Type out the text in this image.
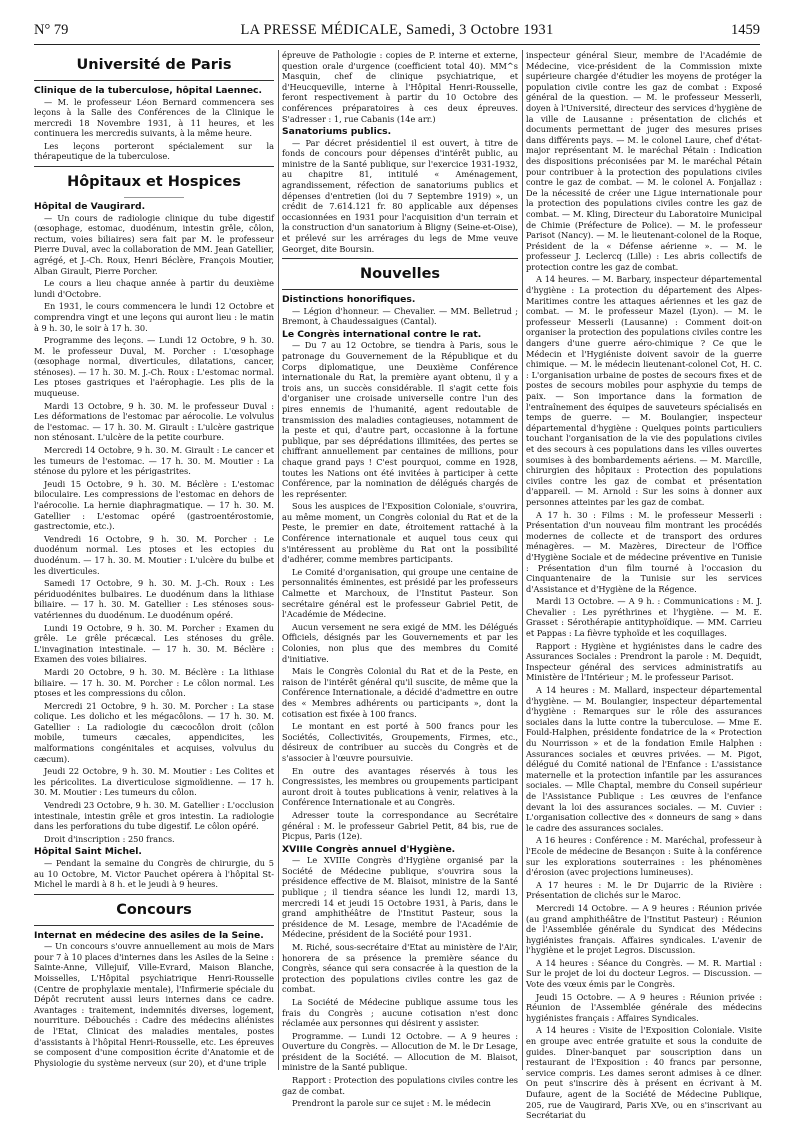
N° 79	LA PRESSE MÉDICALE, Samedi, 3 Octobre 1931	1459
Université de Paris
Clinique de la tuberculose, hôpital Laennec.

— M. le professeur Léon Bernard commencera ses leçons à la Salle des Conférences de la Clinique le mercredi 18 Novembre 1931, à 11 heures, et les continuera les mercredis suivants, à la même heure.

Les leçons porteront spécialement sur la thérapeutique de la tuberculose.

Hôpitaux et Hospices
Hôpital de Vaugirard.

— Un cours de radiologie clinique du tube digestif (œsophage, estomac, duodénum, intestin grêle, côlon, rectum, voies biliaires) sera fait par M. le professeur Pierre Duval, avec la collaboration de MM. Jean Gatellier, agrégé, et J.-Ch. Roux, Henri Béclère, François Moutier, Alban Girault, Pierre Porcher.

Le cours a lieu chaque année à partir du deuxième lundi d'Octobre.

En 1931, le cours commencera le lundi 12 Octobre et comprendra vingt et une leçons qui auront lieu : le matin à 9 h. 30, le soir à 17 h. 30.

Programme des leçons. — Lundi 12 Octobre, 9 h. 30. M. le professeur Duval, M. Porcher : L'œsophage (œsophage normal, diverticules, dilatations, cancer, sténoses). — 17 h. 30. M. J.-Ch. Roux : L'estomac normal. Les ptoses gastriques et l'aérophagie. Les plis de la muqueuse.

Mardi 13 Octobre, 9 h. 30. M. le professeur Duval : Les déformations de l'estomac par aérocolie. Le volvulus de l'estomac. — 17 h. 30. M. Girault : L'ulcère gastrique non sténosant. L'ulcère de la petite courbure.

Mercredi 14 Octobre, 9 h. 30. M. Girault : Le cancer et les tumeurs de l'estomac. — 17 h. 30. M. Moutier : La sténose du pylore et les périgastrites.

Jeudi 15 Octobre, 9 h. 30. M. Béclère : L'estomac biloculaire. Les compressions de l'estomac en dehors de l'aérocolie. La hernie diaphragmatique. — 17 h. 30. M. Gatellier : L'estomac opéré (gastroentérostomie, gastrectomie, etc.).

Vendredi 16 Octobre, 9 h. 30. M. Porcher : Le duodénum normal. Les ptoses et les ectopies du duodénum. — 17 h. 30. M. Moutier : L'ulcère du bulbe et les diverticules.

Samedi 17 Octobre, 9 h. 30. M. J.-Ch. Roux : Les périduodénites bulbaires. Le duodénum dans la lithiase biliaire. — 17 h. 30. M. Gatellier : Les sténoses sous-vatériennes du duodénum. Le duodénum opéré.

Lundi 19 Octobre, 9 h. 30. M. Porcher : Examen du grêle. Le grêle précæcal. Les sténoses du grêle. L'invagination intestinale. — 17 h. 30. M. Béclère : Examen des voies biliaires.

Mardi 20 Octobre, 9 h. 30. M. Béclère : La lithiase biliaire. — 17 h. 30. M. Porcher : Le côlon normal. Les ptoses et les compressions du côlon.

Mercredi 21 Octobre, 9 h. 30. M. Porcher : La stase colique. Les dolicho et les mégacôlons. — 17 h. 30. M. Gatellier : La radiologie du cæcocôlon droit (côlon mobile, tumeurs cæcales, appendicites, les malformations congénitales et acquises, volvulus du cæcum).

Jeudi 22 Octobre, 9 h. 30. M. Moutier : Les Colites et les péricolites. La diverticulose sigmoïdienne. — 17 h. 30. M. Moutier : Les tumeurs du côlon.

Vendredi 23 Octobre, 9 h. 30. M. Gatellier : L'occlusion intestinale, intestin grêle et gros intestin. La radiologie dans les perforations du tube digestif. Le côlon opéré.

Droit d'inscription : 250 francs.

Hôpital Saint Michel.

— Pendant la semaine du Congrès de chirurgie, du 5 au 10 Octobre, M. Victor Pauchet opérera à l'hôpital St-Michel le mardi à 8 h. et le jeudi à 9 heures.

Concours
Internat en médecine des asiles de la Seine.

— Un concours s'ouvre annuellement au mois de Mars pour 7 à 10 places d'internes dans les Asiles de la Seine : Sainte-Anne, Villejuif, Ville-Evrard, Maison Blanche, Moisselles, L'Hôpital psychiatrique Henri-Rousselle (Centre de prophylaxie mentale), l'Infirmerie spéciale du Dépôt recrutent aussi leurs internes dans ce cadre. Avantages : traitement, indemnités diverses, logement, nourriture. Débouchés : Cadre des médecins aliénistes de l'Etat, Clinicat des maladies mentales, postes d'assistants à l'hôpital Henri-Rousselle, etc. Les épreuves se composent d'une composition écrite d'Anatomie et de Physiologie du système nerveux (sur 20), et d'une triple

épreuve de Pathologie : copies de P. interne et externe, question orale d'urgence (coefficient total 40). MM^s Masquin, chef de clinique psychiatrique, et d'Heucqueville, interne à l'Hôpital Henri-Rousselle, feront respectivement à partir du 10 Octobre des conférences préparatoires à ces deux épreuves. S'adresser : 1, rue Cabanis (14e arr.)

Sanatoriums publics.

— Par décret présidentiel il est ouvert, à titre de fonds de concours pour dépenses d'intérêt public, au ministre de la Santé publique, sur l'exercice 1931-1932, au chapitre 81, intitulé « Aménagement, agrandissement, réfection de sanatoriums publics et dépenses d'entretien (loi du 7 Septembre 1919) », un crédit de 7.614.121 fr. 80 applicable aux dépenses occasionnées en 1931 pour l'acquisition d'un terrain et la construction d'un sanatorium à Bligny (Seine-et-Oise), et prélevé sur les arrérages du legs de Mme veuve Georget, dite Boursin.

Nouvelles
Distinctions honorifiques.

— Légion d'honneur. — Chevalier. — MM. Belletrud ; Bremont, à Chaudessaigues (Cantal).

Le Congrès international contre le rat.

— Du 7 au 12 Octobre, se tiendra à Paris, sous le patronage du Gouvernement de la République et du Corps diplomatique, une Deuxième Conférence internationale du Rat, la première ayant obtenu, il y a trois ans, un succès considérable. Il s'agit cette fois d'organiser une croisade universelle contre l'un des pires ennemis de l'humanité, agent redoutable de transmission des maladies contagieuses, notamment de la peste et qui, d'autre part, occasionne à la fortune publique, par ses déprédations illimitées, des pertes se chiffrant annuellement par centaines de millions, pour chaque grand pays ! C'est pourquoi, comme en 1928, toutes les Nations ont été invitées à participer à cette Conférence, par la nomination de délégués chargés de les représenter.

Sous les auspices de l'Exposition Coloniale, s'ouvrira, au même moment, un Congrès colonial du Rat et de la Peste, le premier en date, étroitement rattaché à la Conférence internationale et auquel tous ceux qui s'intéressent au problème du Rat ont la possibilité d'adhérer, comme membres participants.

Le Comité d'organisation, qui groupe une centaine de personnalités éminentes, est présidé par les professeurs Calmette et Marchoux, de l'Institut Pasteur. Son secrétaire général est le professeur Gabriel Petit, de l'Académie de Médecine.

Aucun versement ne sera exigé de MM. les Délégués Officiels, désignés par les Gouvernements et par les Colonies, non plus que des membres du Comité d'initiative.

Mais le Congrès Colonial du Rat et de la Peste, en raison de l'intérêt général qu'il suscite, de même que la Conférence Internationale, a décidé d'admettre en outre des « Membres adhérents ou participants », dont la cotisation est fixée à 100 francs.

Le montant en est porté à 500 francs pour les Sociétés, Collectivités, Groupements, Firmes, etc., désireux de contribuer au succès du Congrès et de s'associer à l'œuvre poursuivie.

En outre des avantages réservés à tous les Congressistes, les membres ou groupements participant auront droit à toutes publications à venir, relatives à la Conférence Internationale et au Congrès.

Adresser toute la correspondance au Secrétaire général : M. le professeur Gabriel Petit, 84 bis, rue de Picpus, Paris (12e).

XVIIIe Congrès annuel d'Hygiène.

— Le XVIIIe Congrès d'Hygiène organisé par la Société de Médecine publique, s'ouvrira sous la présidence effective de M. Blaisot, ministre de la Santé publique ; il tiendra séance les lundi 12, mardi 13, mercredi 14 et jeudi 15 Octobre 1931, à Paris, dans le grand amphithéâtre de l'Institut Pasteur, sous la présidence de M. Lesage, membre de l'Académie de Médecine, président de la Société pour 1931.

M. Riché, sous-secrétaire d'Etat au ministère de l'Air, honorera de sa présence la première séance du Congrès, séance qui sera consacrée à la question de la protection des populations civiles contre les gaz de combat.

La Société de Médecine publique assume tous les frais du Congrès ; aucune cotisation n'est donc réclamée aux personnes qui désirent y assister.

Programme. — Lundi 12 Octobre. — A 9 heures : Ouverture du Congrès. — Allocution de M. le Dr Lesage, président de la Société. — Allocution de M. Blaisot, ministre de la Santé publique.

Rapport : Protection des populations civiles contre les gaz de combat.

Prendront la parole sur ce sujet : M. le médecin

inspecteur général Sieur, membre de l'Académie de Médecine, vice-président de la Commission mixte supérieure chargée d'étudier les moyens de protéger la population civile contre les gaz de combat : Exposé général de la question. — M. le professeur Messerli, doyen à l'Université, directeur des services d'hygiène de la ville de Lausanne : présentation de clichés et documents permettant de juger des mesures prises dans différents pays. — M. le colonel Laure, chef d'état-major représentant M. le maréchal Pétain : Indication des dispositions préconisées par M. le maréchal Pétain pour contribuer à la protection des populations civiles contre le gaz de combat. — M. le colonel A. Fonjallaz : De la nécessité de créer une Ligue internationale pour la protection des populations civiles contre les gaz de combat. — M. Kling, Directeur du Laboratoire Municipal de Chimie (Préfecture de Police). — M. le professeur Parisot (Nancy). — M. le lieutenant-colonel de la Roque, Président de la « Défense aérienne ». — M. le professeur J. Leclercq (Lille) : Les abris collectifs de protection contre les gaz de combat.

A 14 heures. — M. Barbary, inspecteur départemental d'hygiène : La protection du département des Alpes-Maritimes contre les attaques aériennes et les gaz de combat. — M. le professeur Mazel (Lyon). — M. le professeur Messerli (Lausanne) : Comment doit-on organiser la protection des populations civiles contre les dangers d'une guerre aéro-chimique ? Ce que le Médecin et l'Hygiéniste doivent savoir de la guerre chimique. — M. le médecin lieutenant-colonel Cot, H. C. : L'organisation urbaine de postes de secours fixes et de postes de secours mobiles pour asphyxie du temps de paix. — Son importance dans la formation de l'entraînement des équipes de sauveteurs spécialisés en temps de guerre. — M. Boulangier, inspecteur départemental d'hygiène : Quelques points particuliers touchant l'organisation de la vie des populations civiles et des secours à ces populations dans les villes ouvertes soumises à des bombardements aériens. — M. Marcille, chirurgien des hôpitaux : Protection des populations civiles contre les gaz de combat et présentation d'appareil. — M. Arnold : Sur les soins à donner aux personnes atteintes par les gaz de combat.

A 17 h. 30 : Films : M. le professeur Messerli : Présentation d'un nouveau film montrant les procédés modernes de collecte et de transport des ordures ménagères. — M. Mazères, Directeur de l'Office d'Hygiène Sociale et de médecine préventive en Tunisie : Présentation d'un film tourné à l'occasion du Cinquantenaire de la Tunisie sur les services d'Assistance et d'Hygiène de la Régence.

Mardi 13 Octobre. — A 9 h. : Communications : M. J. Chevalier : Les pyréthrines et l'hygiène. — M. E. Grasset : Sérothérapie antityphoïdique. — MM. Carrieu et Pappas : La fièvre typhoïde et les coquillages.

Rapport : Hygiène et hygiénistes dans le cadre des Assurances Sociales : Prendront la parole : M. Dequidt, Inspecteur général des services administratifs au Ministère de l'Intérieur ; M. le professeur Parisot.

A 14 heures : M. Mallard, inspecteur départemental d'hygiène. — M. Boulangier, inspecteur départemental d'hygiène : Remarques sur le rôle des assurances sociales dans la lutte contre la tuberculose. — Mme E. Fould-Halphen, présidente fondatrice de la « Protection du Nourrisson » et de la fondation Emile Halphen : Assurances sociales et œuvres privées. — M. Pigot, délégué du Comité national de l'Enfance : L'assistance maternelle et la protection infantile par les assurances sociales. — Mlle Chaptal, membre du Conseil supérieur de l'Assistance Publique : Les œuvres de l'enfance devant la loi des assurances sociales. — M. Cuvier : L'organisation collective des « donneurs de sang » dans le cadre des assurances sociales.

A 16 heures : Conférence : M. Maréchal, professeur à l'Ecole de médecine de Besançon : Suite à la conférence sur les explorations souterraines : les phénomènes d'érosion (avec projections lumineuses).

A 17 heures : M. le Dr Dujarric de la Rivière : Présentation de clichés sur le Maroc.

Mercredi 14 Octobre. — A 9 heures : Réunion privée (au grand amphithéâtre de l'Institut Pasteur) : Réunion de l'Assemblée générale du Syndicat des Médecins hygiénistes français. Affaires syndicales. L'avenir de l'hygiène et le projet Legros. Discussion.

A 14 heures : Séance du Congrès. — M. R. Martial : Sur le projet de loi du docteur Legros. — Discussion. — Vote des vœux émis par le Congrès.

Jeudi 15 Octobre. — A 9 heures : Réunion privée : Réunion de l'Assemblée générale des médecins hygiénistes français : Affaires Syndicales.

A 14 heures : Visite de l'Exposition Coloniale. Visite en groupe avec entrée gratuite et sous la conduite de guides. Dîner-banquet par souscription dans un restaurant de l'Exposition : 40 francs par personne, service compris. Les dames seront admises à ce dîner. On peut s'inscrire dès à présent en écrivant à M. Dufaure, agent de la Société de Médecine Publique, 205, rue de Vaugirard, Paris XVe, ou en s'inscrivant au Secrétariat du
